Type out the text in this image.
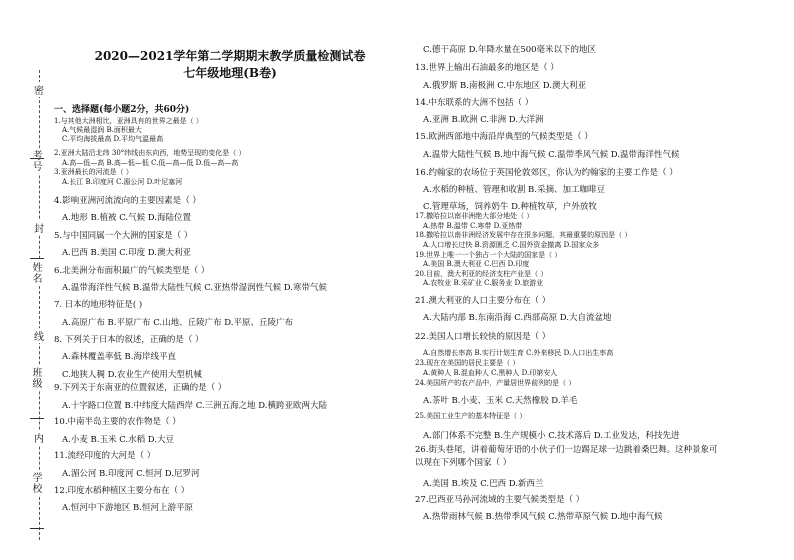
密
考号
封
姓名
线
班级
内
学校
2020—2021学年第二学期期末教学质量检测试卷
七年级地理(B卷)
一、选择题(每小题2分，共60分)
1.与其他大洲相比，亚洲具有的世界之最是（ ）
A.气候最湿润 B.面积最大
C.平均海拔最高 D.平均气温最高
2.亚洲大陆沿北纬 30°纬线由东向西，地势呈现的变化是（ ）
A.高—低—高 B.高—低—低 C.低—高—低 D.低—高—高
3.亚洲最长的河流是（ ）
A.长江 B.印度河 C.湄公河 D.叶尼塞河
4.影响亚洲河流流向的主要因素是（ ）
A.地形 B.植被 C.气候 D.海陆位置
5.与中国同属一个大洲的国家是（ ）
A.巴西 B.美国 C.印度 D.澳大利亚
6.北美洲分布面积最广的气候类型是（ ）
A.温带海洋性气候 B.温带大陆性气候 C.亚热带湿润性气候 D.寒带气候
7. 日本的地形特征是( )
A.高原广布 B.平原广布 C.山地、丘陵广布 D.平原、丘陵广布
8. 下列关于日本的叙述，正确的是（ ）
A.森林覆盖率低 B.海岸线平直
C.地狭人稠 D.农业生产使用大型机械
9.下列关于东南亚的位置叙述，正确的是（ ）
A.十字路口位置 B.中纬度大陆西岸 C.三洲五海之地 D.横跨亚欧两大陆
10.中南半岛主要的农作物是（ ）
A.小麦 B.玉米 C.水稻 D.大豆
11.流经印度的大河是（ ）
A.湄公河 B.印度河 C.恒河 D.尼罗河
12.印度水稻种植区主要分布在（ ）
A.恒河中下游地区 B.恒河上游平原
C.德干高原 D.年降水量在500毫米以下的地区
13.世界上输出石油最多的地区是（ ）
A.俄罗斯 B.南极洲 C.中东地区 D.澳大利亚
14.中东联系的大洲不包括（ ）
A.亚洲 B.欧洲 C.非洲 D.大洋洲
15.欧洲西部地中海沿岸典型的气候类型是（ ）
A.温带大陆性气候 B.地中海气候 C.温带季风气候 D.温带海洋性气候
16.约翰家的农场位于英国伦敦郊区，你认为约翰家的主要工作是（ ）
A.水稻的种植、管理和收割 B.采摘、加工咖啡豆
C.管理草场，饲养奶牛 D.种植牧草，户外放牧
17.撒哈拉以南非洲绝大部分地处（ ）
A.热带 B.温带 C.寒带 D.亚热带
18.撒哈拉以南非洲经济发展中存在很多问题，其最重要的原因是（ ）
A.人口增长过快 B.资源匮乏 C.国外资金撤离 D.国家众多
19.世界上唯一一个独占一个大陆的国家是（ ）
A.美国 B.澳大利亚 C.巴西 D.印度
20.目前，澳大利亚的经济支柱产业是（ ）
A.农牧业 B.采矿业 C.服务业 D.旅游业
21.澳大利亚的人口主要分布在（ ）
A.大陆内部 B.东南沿海 C.西部高原 D.大自流盆地
22.美国人口增长较快的原因是（ ）
A.自然增长率高 B.实行计划生育 C.外来移民 D.人口出生率高
23.现在在美国的居民主要是（ ）
A.黄种人 B.混血种人 C.黑种人 D.印第安人
24.美国所产的农产品中，产量居世界前列的是（ ）
A.茶叶 B.小麦、玉米 C.天然橡胶 D.羊毛
25.美国工业生产的基本特征是（ ）
A.部门体系不完整 B.生产规模小 C.技术落后 D.工业发达，科技先进
26.街头巷尾，讲着葡萄牙语的小伙子们一边踢足球一边跳着桑巴舞。这种景象可
以现在下列哪个国家（ ）
A.美国 B.埃及 C.巴西 D.新西兰
27.巴西亚马孙河流域的主要气候类型是（ ）
A.热带雨林气候 B.热带季风气候 C.热带草原气候 D.地中海气候
